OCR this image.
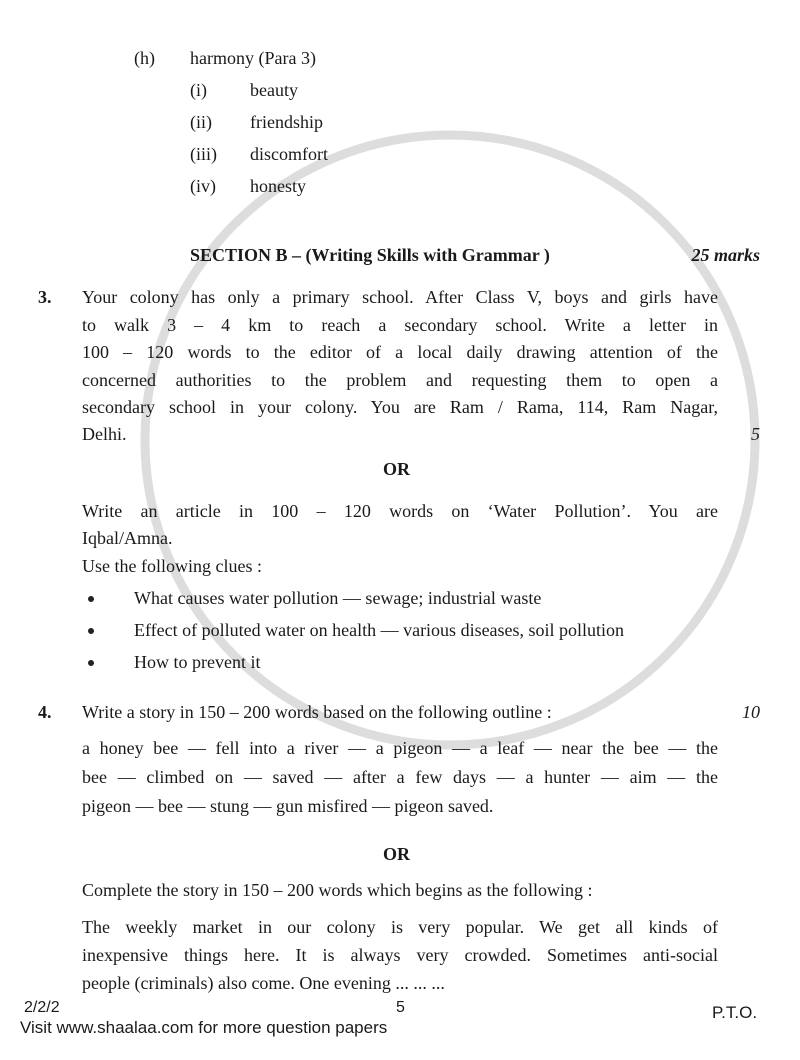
(h) harmony (Para 3)
(i) beauty
(ii) friendship
(iii) discomfort
(iv) honesty
SECTION B – (Writing Skills with Grammar )	25 marks
3. Your colony has only a primary school. After Class V, boys and girls have
to walk 3 – 4 km to reach a secondary school. Write a letter in
100 – 120 words to the editor of a local daily drawing attention of the
concerned authorities to the problem and requesting them to open a
secondary school in your colony. You are Ram / Rama, 114, Ram Nagar,
Delhi.	5
OR
Write an article in 100 – 120 words on ‘Water Pollution’. You are
Iqbal/Amna.
Use the following clues :
What causes water pollution — sewage; industrial waste
Effect of polluted water on health — various diseases, soil pollution
How to prevent it
4. Write a story in 150 – 200 words based on the following outline :	10
a honey bee — fell into a river — a pigeon — a leaf — near the bee — the
bee — climbed on — saved — after a few days — a hunter — aim — the
pigeon — bee — stung — gun misfired — pigeon saved.
OR
Complete the story in 150 – 200 words which begins as the following :
The weekly market in our colony is very popular. We get all kinds of
inexpensive things here. It is always very crowded. Sometimes anti-social
people (criminals) also come. One evening ... ... ...
2/2/2	5
Visit www.shaalaa.com for more question papers
P.T.O.
